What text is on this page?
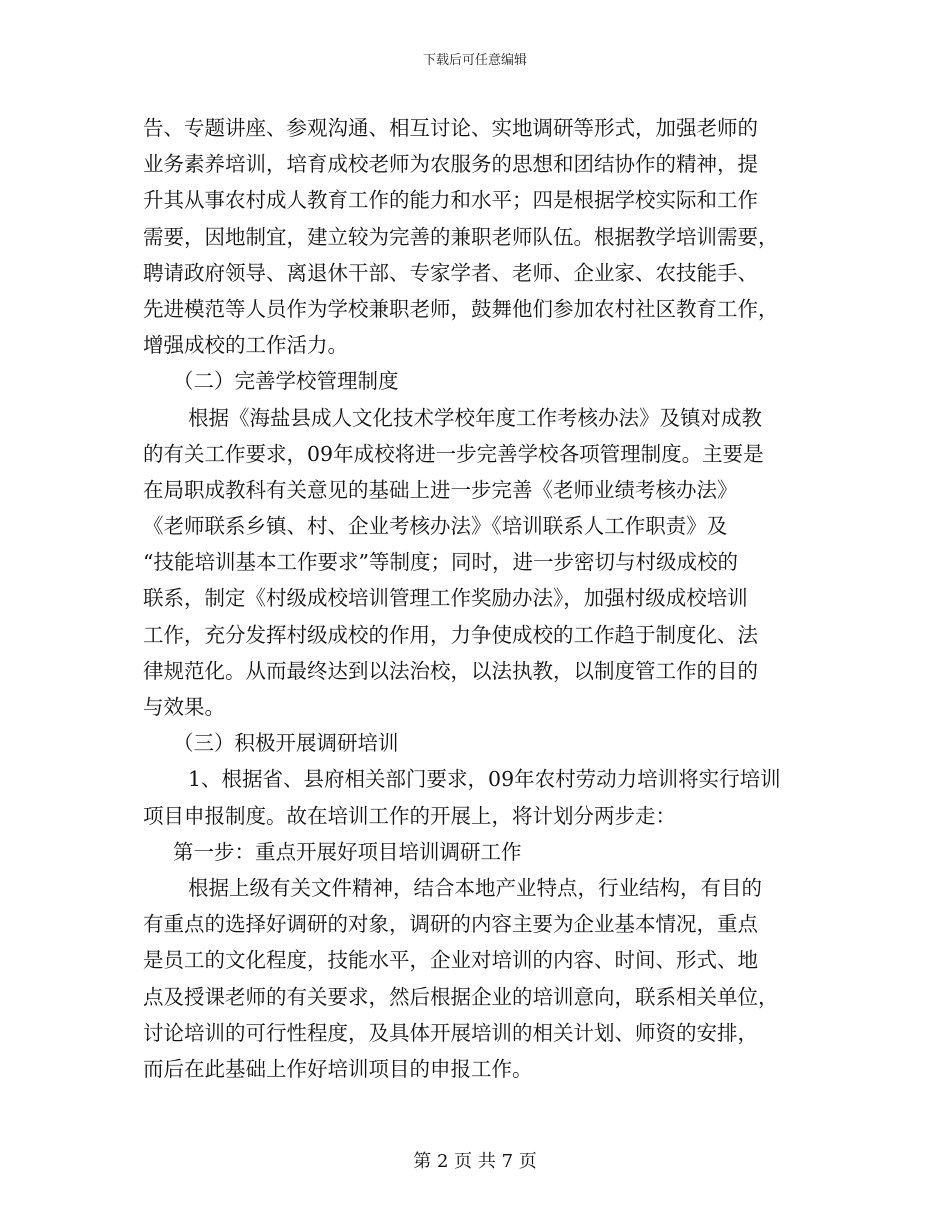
下载后可任意编辑
告、专题讲座、参观沟通、相互讨论、实地调研等形式，加强老师的
业务素养培训，培育成校老师为农服务的思想和团结协作的精神，提
升其从事农村成人教育工作的能力和水平；四是根据学校实际和工作
需要，因地制宜，建立较为完善的兼职老师队伍。根据教学培训需要，
聘请政府领导、离退休干部、专家学者、老师、企业家、农技能手、
先进模范等人员作为学校兼职老师，鼓舞他们参加农村社区教育工作，
增强成校的工作活力。
（二）完善学校管理制度
根据《海盐县成人文化技术学校年度工作考核办法》及镇对成教
的有关工作要求，09年成校将进一步完善学校各项管理制度。主要是
在局职成教科有关意见的基础上进一步完善《老师业绩考核办法》
《老师联系乡镇、村、企业考核办法》《培训联系人工作职责》及
“技能培训基本工作要求”等制度；同时，进一步密切与村级成校的
联系，制定《村级成校培训管理工作奖励办法》，加强村级成校培训
工作，充分发挥村级成校的作用，力争使成校的工作趋于制度化、法
律规范化。从而最终达到以法治校，以法执教，以制度管工作的目的
与效果。
（三）积极开展调研培训
1、根据省、县府相关部门要求，09年农村劳动力培训将实行培训
项目申报制度。故在培训工作的开展上，将计划分两步走：
第一步：重点开展好项目培训调研工作
根据上级有关文件精神，结合本地产业特点，行业结构，有目的
有重点的选择好调研的对象，调研的内容主要为企业基本情况，重点
是员工的文化程度，技能水平，企业对培训的内容、时间、形式、地
点及授课老师的有关要求，然后根据企业的培训意向，联系相关单位，
讨论培训的可行性程度，及具体开展培训的相关计划、师资的安排，
而后在此基础上作好培训项目的申报工作。
第 2 页 共 7 页
